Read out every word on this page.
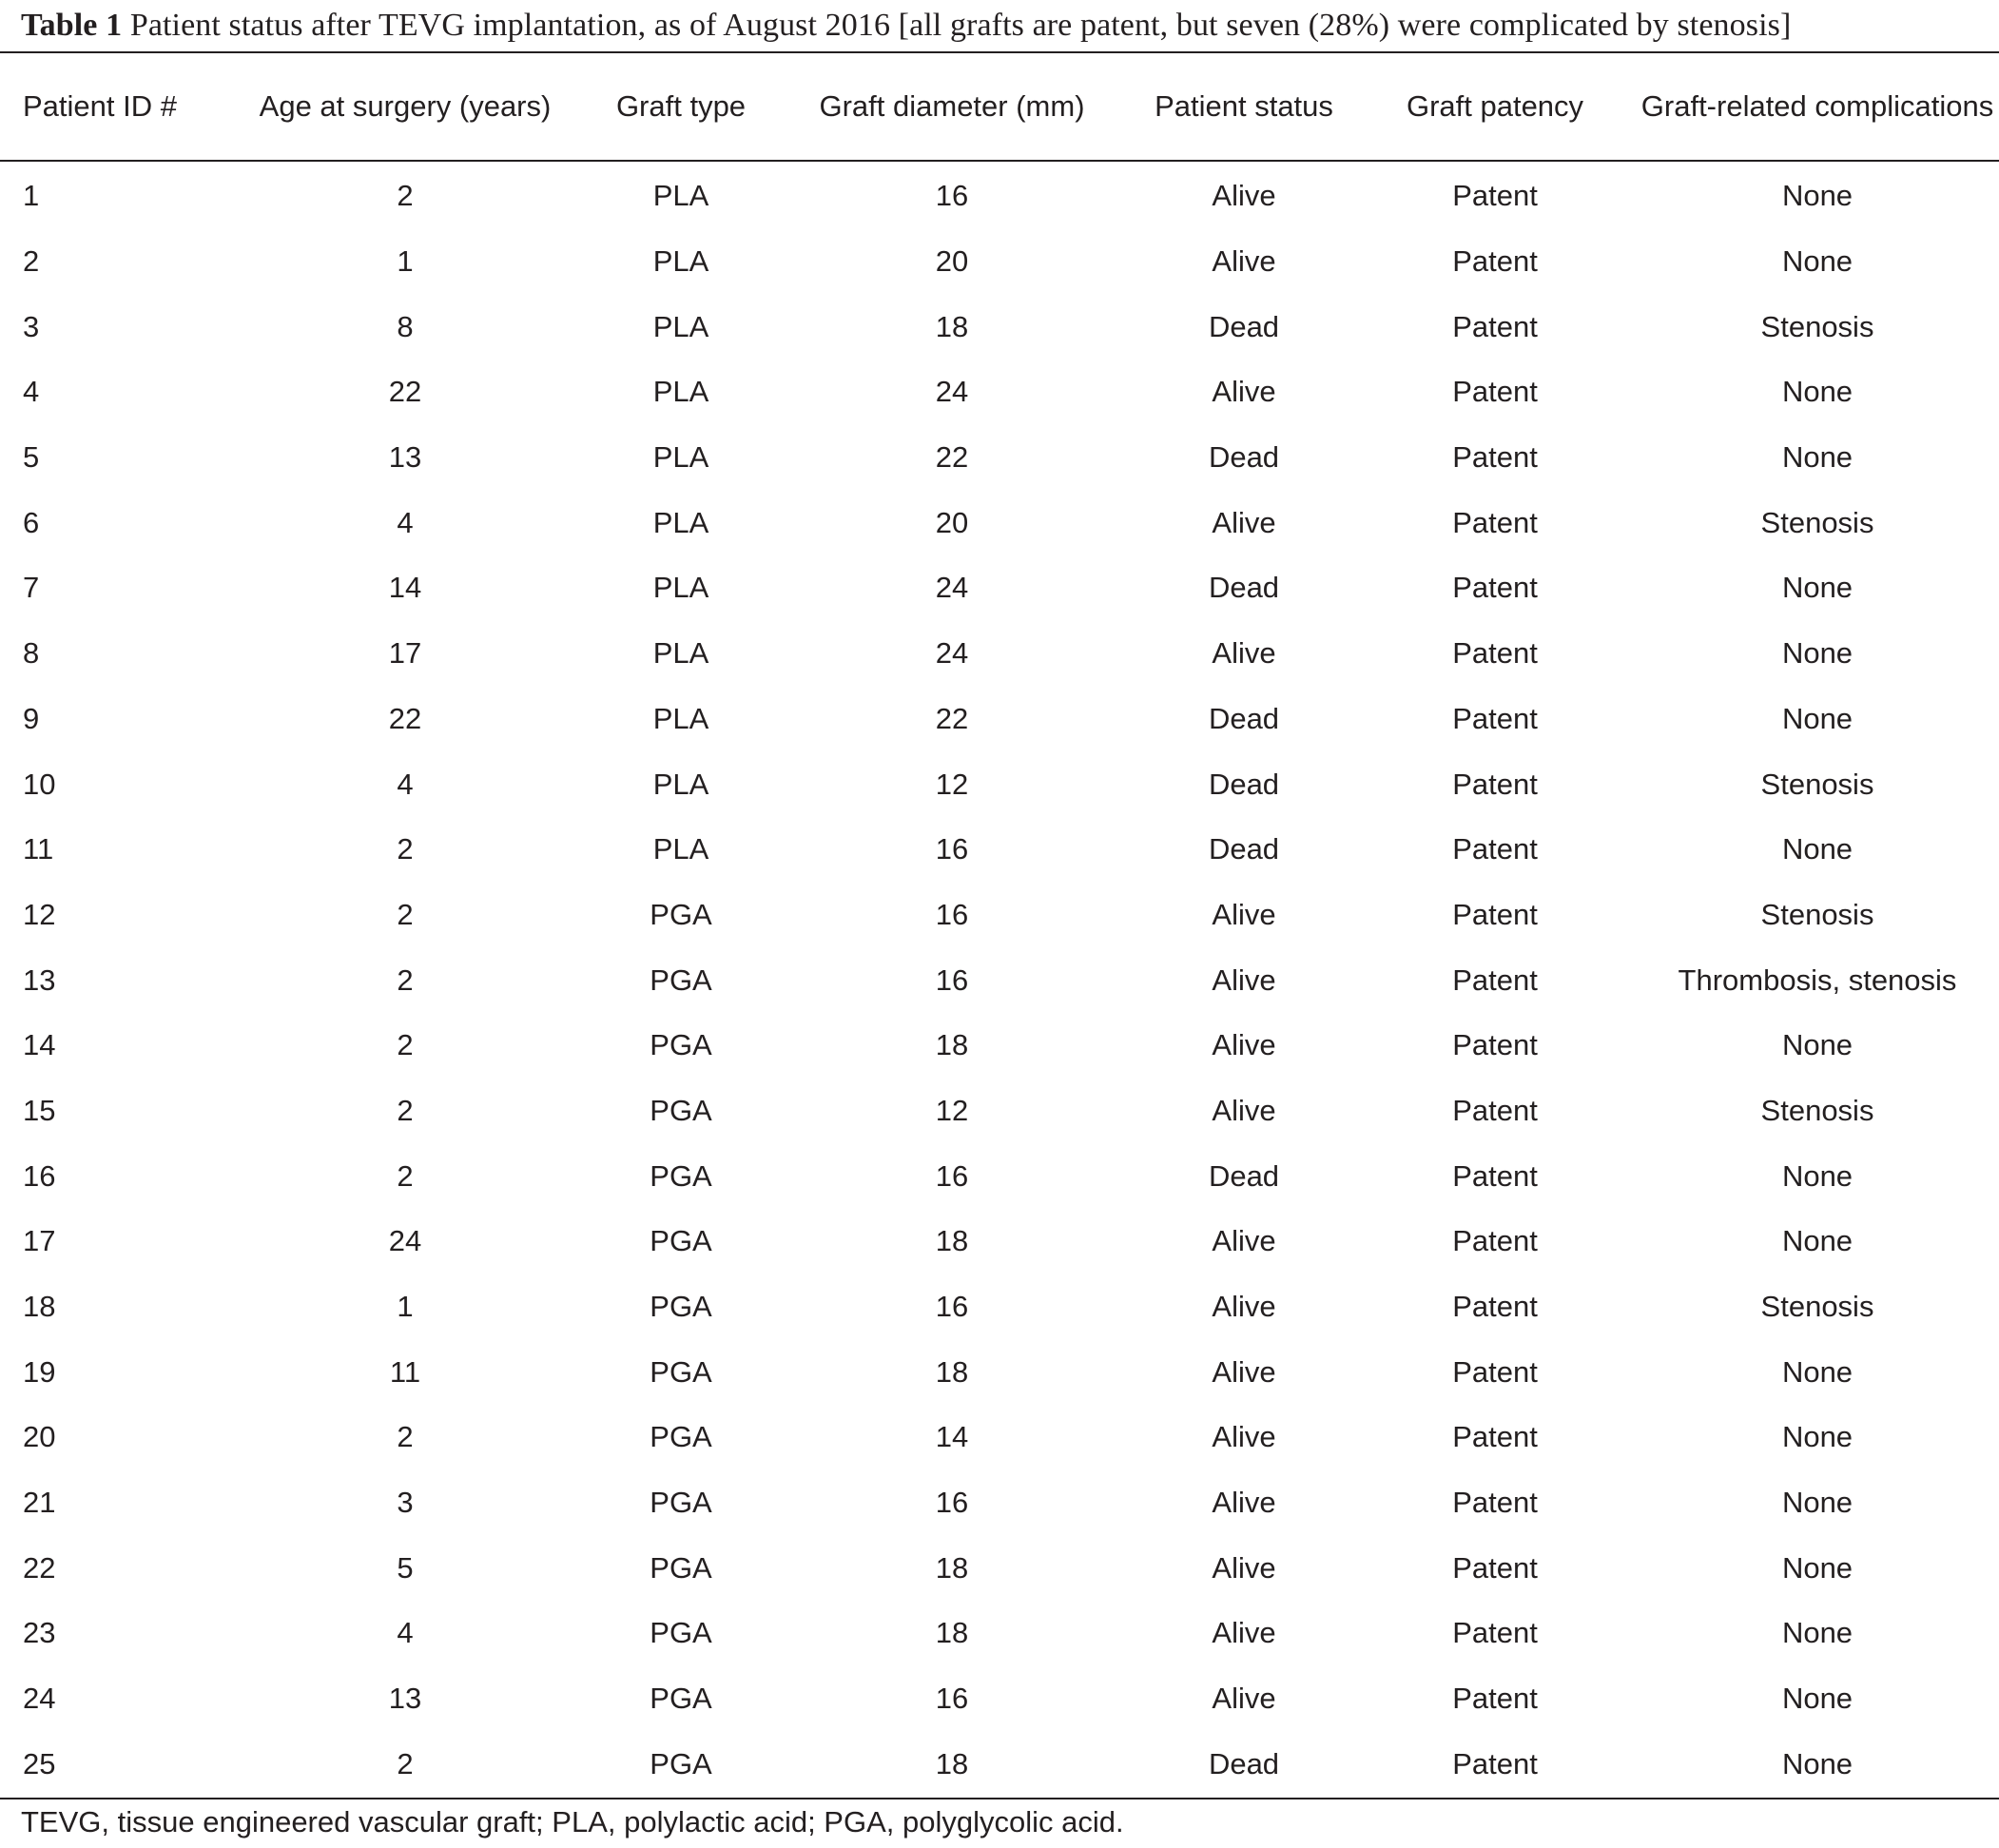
Table 1 Patient status after TEVG implantation, as of August 2016 [all grafts are patent, but seven (28%) were complicated by stenosis]
Patient ID #	Age at surgery (years)	Graft type	Graft diameter (mm)	Patient status	Graft patency	Graft-related complications
1	2	PLA	16	Alive	Patent	None
2	1	PLA	20	Alive	Patent	None
3	8	PLA	18	Dead	Patent	Stenosis
4	22	PLA	24	Alive	Patent	None
5	13	PLA	22	Dead	Patent	None
6	4	PLA	20	Alive	Patent	Stenosis
7	14	PLA	24	Dead	Patent	None
8	17	PLA	24	Alive	Patent	None
9	22	PLA	22	Dead	Patent	None
10	4	PLA	12	Dead	Patent	Stenosis
11	2	PLA	16	Dead	Patent	None
12	2	PGA	16	Alive	Patent	Stenosis
13	2	PGA	16	Alive	Patent	Thrombosis, stenosis
14	2	PGA	18	Alive	Patent	None
15	2	PGA	12	Alive	Patent	Stenosis
16	2	PGA	16	Dead	Patent	None
17	24	PGA	18	Alive	Patent	None
18	1	PGA	16	Alive	Patent	Stenosis
19	11	PGA	18	Alive	Patent	None
20	2	PGA	14	Alive	Patent	None
21	3	PGA	16	Alive	Patent	None
22	5	PGA	18	Alive	Patent	None
23	4	PGA	18	Alive	Patent	None
24	13	PGA	16	Alive	Patent	None
25	2	PGA	18	Dead	Patent	None
TEVG, tissue engineered vascular graft; PLA, polylactic acid; PGA, polyglycolic acid.
